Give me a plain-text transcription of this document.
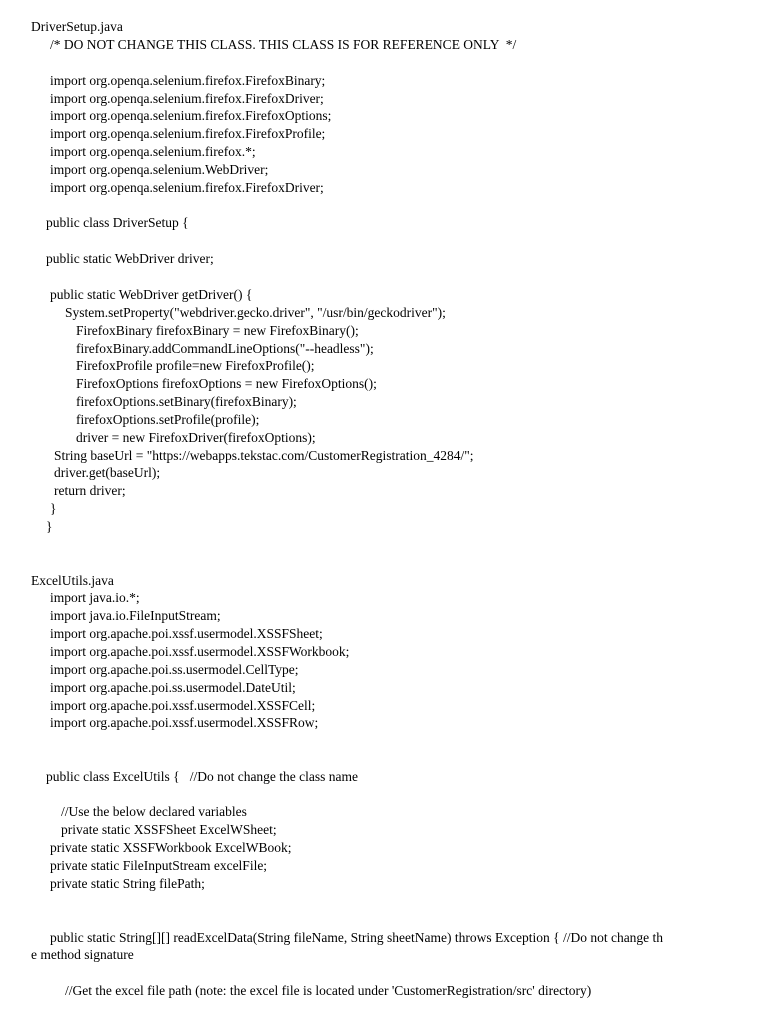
DriverSetup.java
/* DO NOT CHANGE THIS CLASS. THIS CLASS IS FOR REFERENCE ONLY  */
import org.openqa.selenium.firefox.FirefoxBinary;
import org.openqa.selenium.firefox.FirefoxDriver;
import org.openqa.selenium.firefox.FirefoxOptions;
import org.openqa.selenium.firefox.FirefoxProfile;
import org.openqa.selenium.firefox.*;
import org.openqa.selenium.WebDriver;
import org.openqa.selenium.firefox.FirefoxDriver;
public class DriverSetup {
public static WebDriver driver;
public static WebDriver getDriver() {
System.setProperty("webdriver.gecko.driver", "/usr/bin/geckodriver");
FirefoxBinary firefoxBinary = new FirefoxBinary();
firefoxBinary.addCommandLineOptions("--headless");
FirefoxProfile profile=new FirefoxProfile();
FirefoxOptions firefoxOptions = new FirefoxOptions();
firefoxOptions.setBinary(firefoxBinary);
firefoxOptions.setProfile(profile);
driver = new FirefoxDriver(firefoxOptions);
String baseUrl = "https://webapps.tekstac.com/CustomerRegistration_4284/";
driver.get(baseUrl);
return driver;
}
}
ExcelUtils.java
import java.io.*;
import java.io.FileInputStream;
import org.apache.poi.xssf.usermodel.XSSFSheet;
import org.apache.poi.xssf.usermodel.XSSFWorkbook;
import org.apache.poi.ss.usermodel.CellType;
import org.apache.poi.ss.usermodel.DateUtil;
import org.apache.poi.xssf.usermodel.XSSFCell;
import org.apache.poi.xssf.usermodel.XSSFRow;
public class ExcelUtils {   //Do not change the class name
//Use the below declared variables
private static XSSFSheet ExcelWSheet;
private static XSSFWorkbook ExcelWBook;
private static FileInputStream excelFile;
private static String filePath;
public static String[][] readExcelData(String fileName, String sheetName) throws Exception { //Do not change th
e method signature
//Get the excel file path (note: the excel file is located under 'CustomerRegistration/src' directory)
